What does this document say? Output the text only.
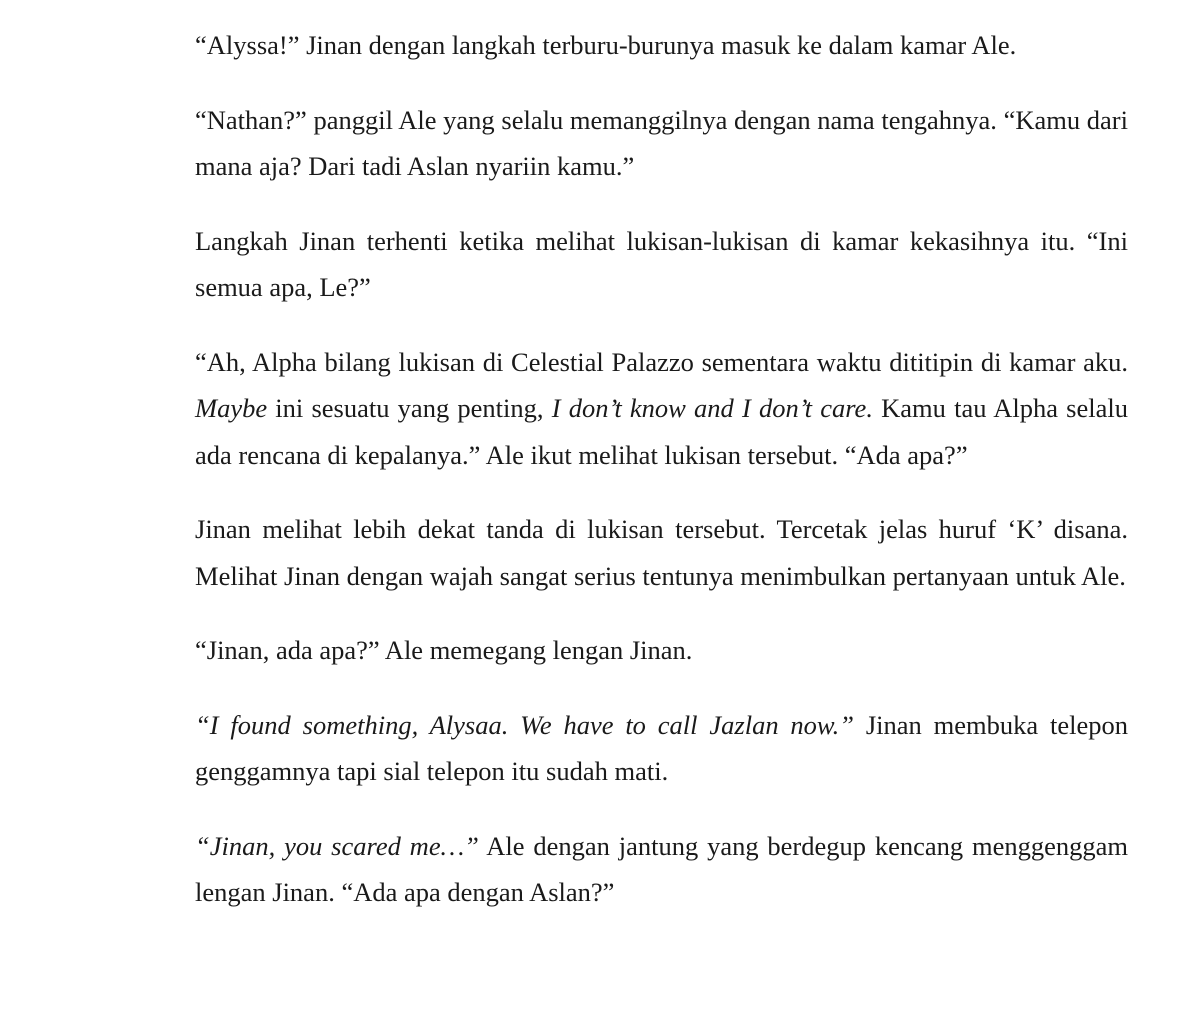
“Alyssa!” Jinan dengan langkah terburu-burunya masuk ke dalam kamar Ale.

“Nathan?” panggil Ale yang selalu memanggilnya dengan nama tengahnya. “Kamu dari mana aja? Dari tadi Aslan nyariin kamu.”

Langkah Jinan terhenti ketika melihat lukisan-lukisan di kamar kekasihnya itu. “Ini semua apa, Le?”

“Ah, Alpha bilang lukisan di Celestial Palazzo sementara waktu dititipin di kamar aku. Maybe ini sesuatu yang penting, I don’t know and I don’t care. Kamu tau Alpha selalu ada rencana di kepalanya.” Ale ikut melihat lukisan tersebut. “Ada apa?”

Jinan melihat lebih dekat tanda di lukisan tersebut. Tercetak jelas huruf ‘K’ disana. Melihat Jinan dengan wajah sangat serius tentunya menimbulkan pertanyaan untuk Ale.

“Jinan, ada apa?” Ale memegang lengan Jinan.

“I found something, Alysaa. We have to call Jazlan now.” Jinan membuka telepon genggamnya tapi sial telepon itu sudah mati.

“Jinan, you scared me…” Ale dengan jantung yang berdegup kencang menggenggam lengan Jinan. “Ada apa dengan Aslan?”
